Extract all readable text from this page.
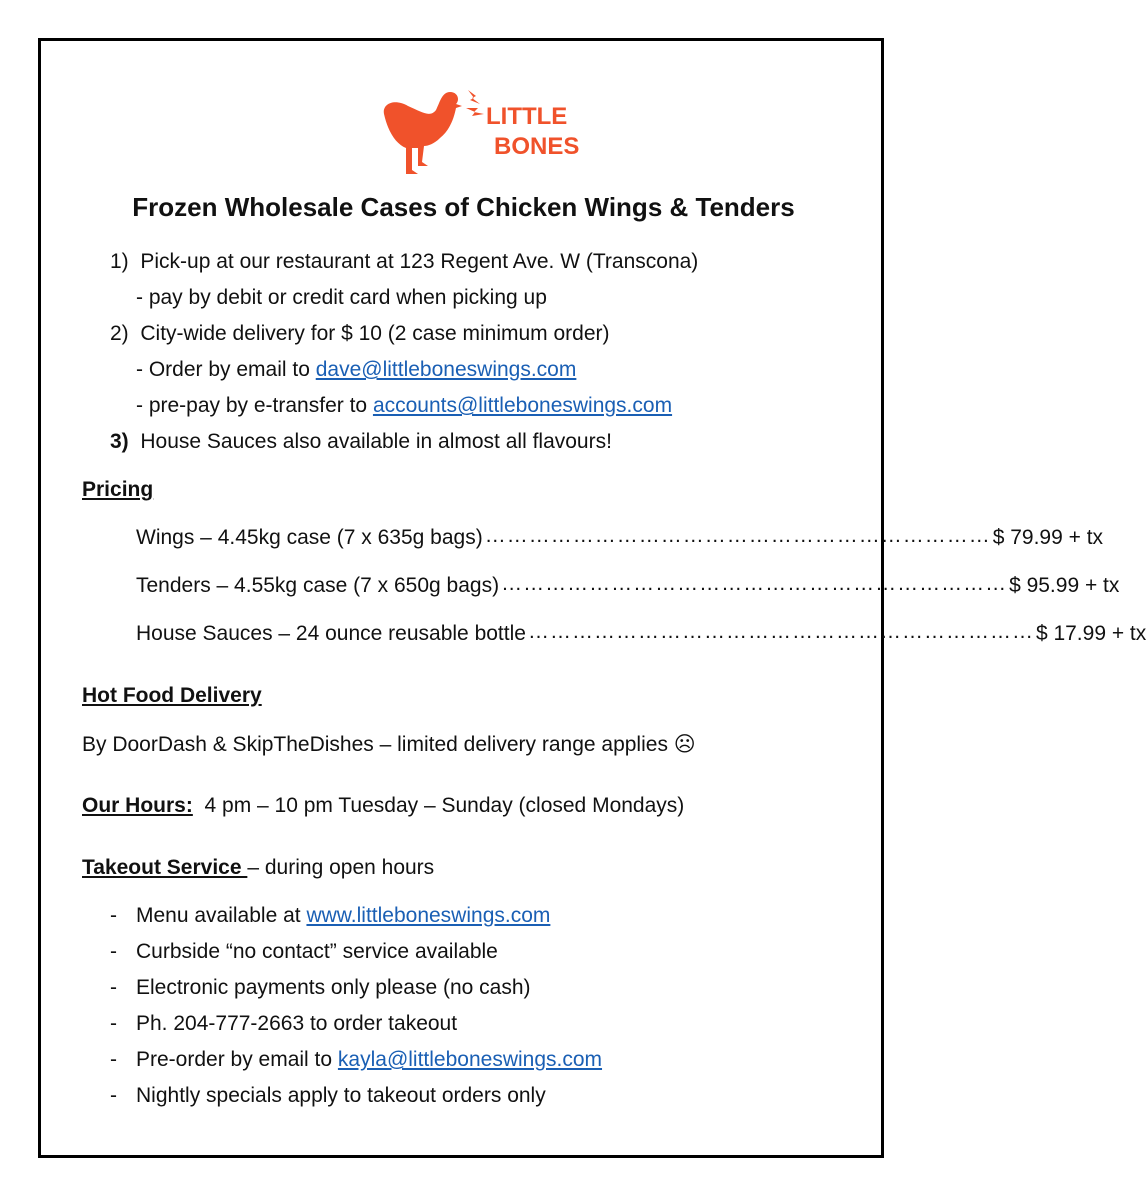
LITTLE
BONES
Frozen Wholesale Cases of Chicken Wings & Tenders
1) Pick-up at our restaurant at 123 Regent Ave. W (Transcona)
- pay by debit or credit card when picking up
2) City-wide delivery for $ 10 (2 case minimum order)
- Order by email to dave@littleboneswings.com
- pre-pay by e-transfer to accounts@littleboneswings.com
3) House Sauces also available in almost all flavours!
Pricing
Wings – 4.45kg case (7 x 635g bags) …………………………………………………………… $ 79.99 + tx
Tenders – 4.55kg case (7 x 650g bags) …………………………………………………………… $ 95.99 + tx
House Sauces – 24 ounce reusable bottle …………………………………………………………… $ 17.99 + tx
Hot Food Delivery
By DoorDash & SkipTheDishes – limited delivery range applies ☹
Our Hours: 4 pm – 10 pm Tuesday – Sunday (closed Mondays)
Takeout Service – during open hours
- Menu available at www.littleboneswings.com
- Curbside “no contact” service available
- Electronic payments only please (no cash)
- Ph. 204-777-2663 to order takeout
- Pre-order by email to kayla@littleboneswings.com
- Nightly specials apply to takeout orders only
